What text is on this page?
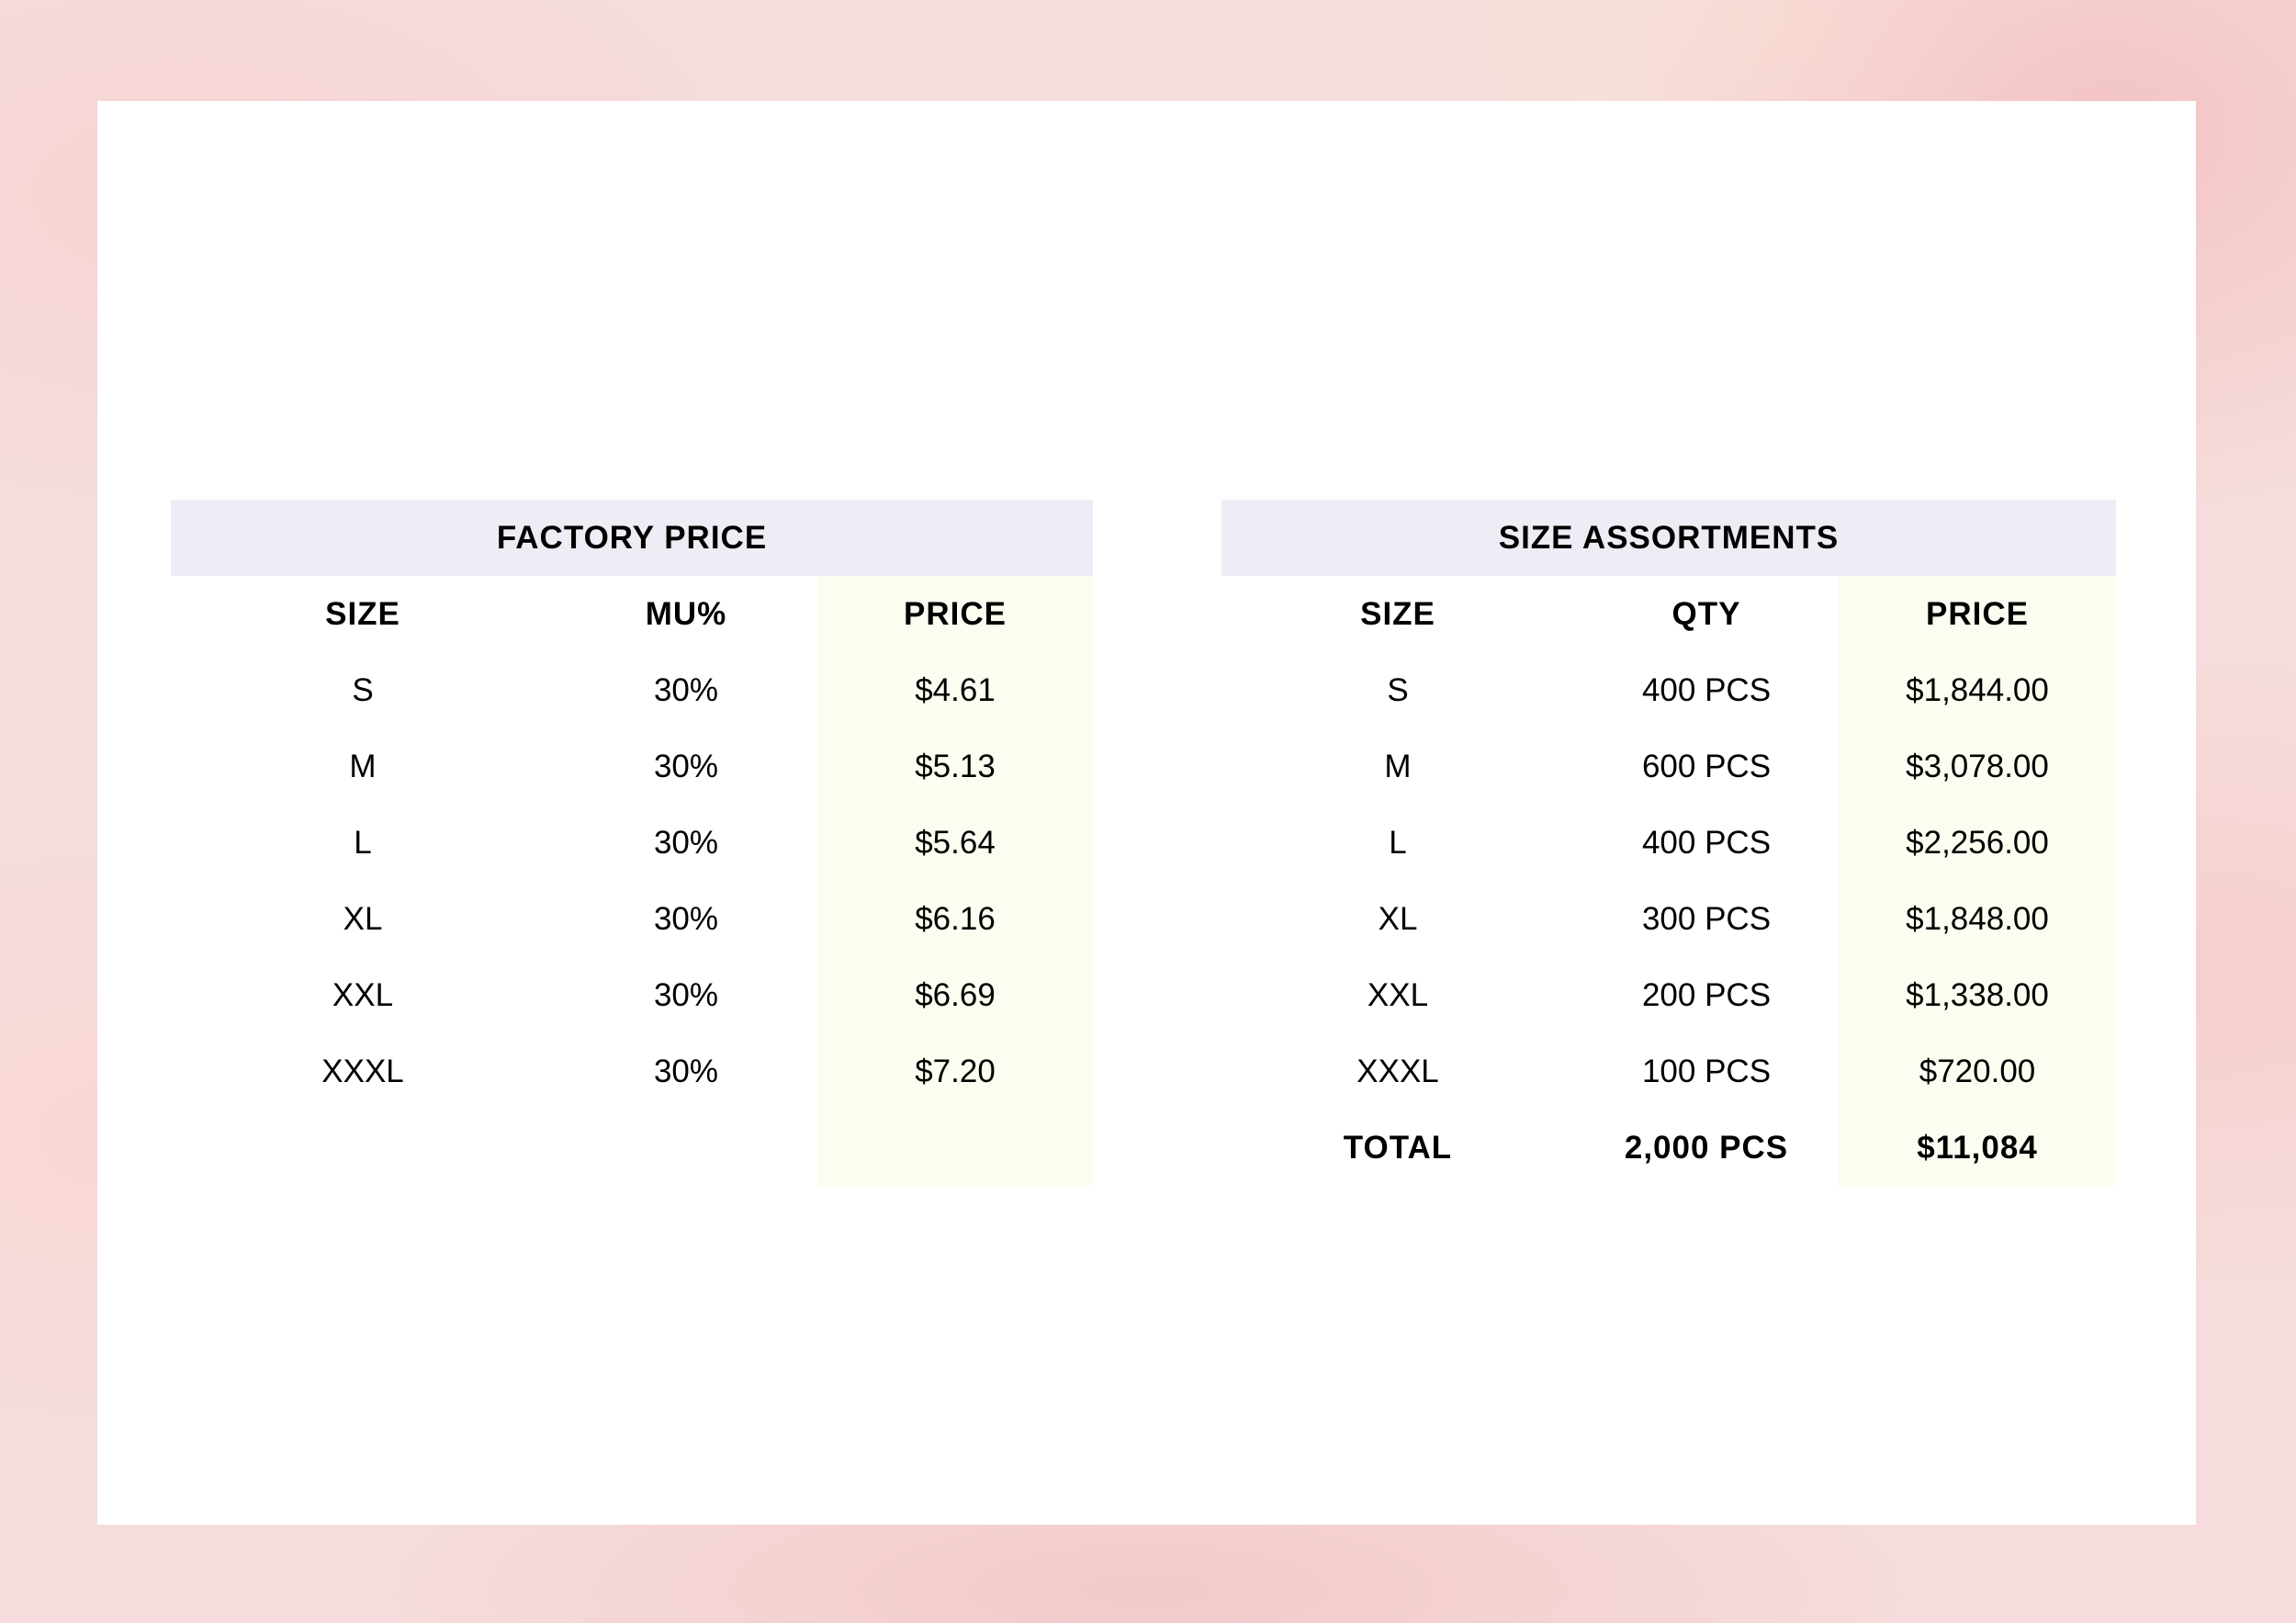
FACTORY PRICE		
SIZE	MU%	PRICE
S	30%	$4.61
M	30%	$5.13
L	30%	$5.64
XL	30%	$6.16
XXL	30%	$6.69
XXXL	30%	$7.20

SIZE ASSORTMENTS		
SIZE	QTY	PRICE
S	400 PCS	$1,844.00
M	600 PCS	$3,078.00
L	400 PCS	$2,256.00
XL	300 PCS	$1,848.00
XXL	200 PCS	$1,338.00
XXXL	100 PCS	$720.00
TOTAL	2,000 PCS	$11,084
